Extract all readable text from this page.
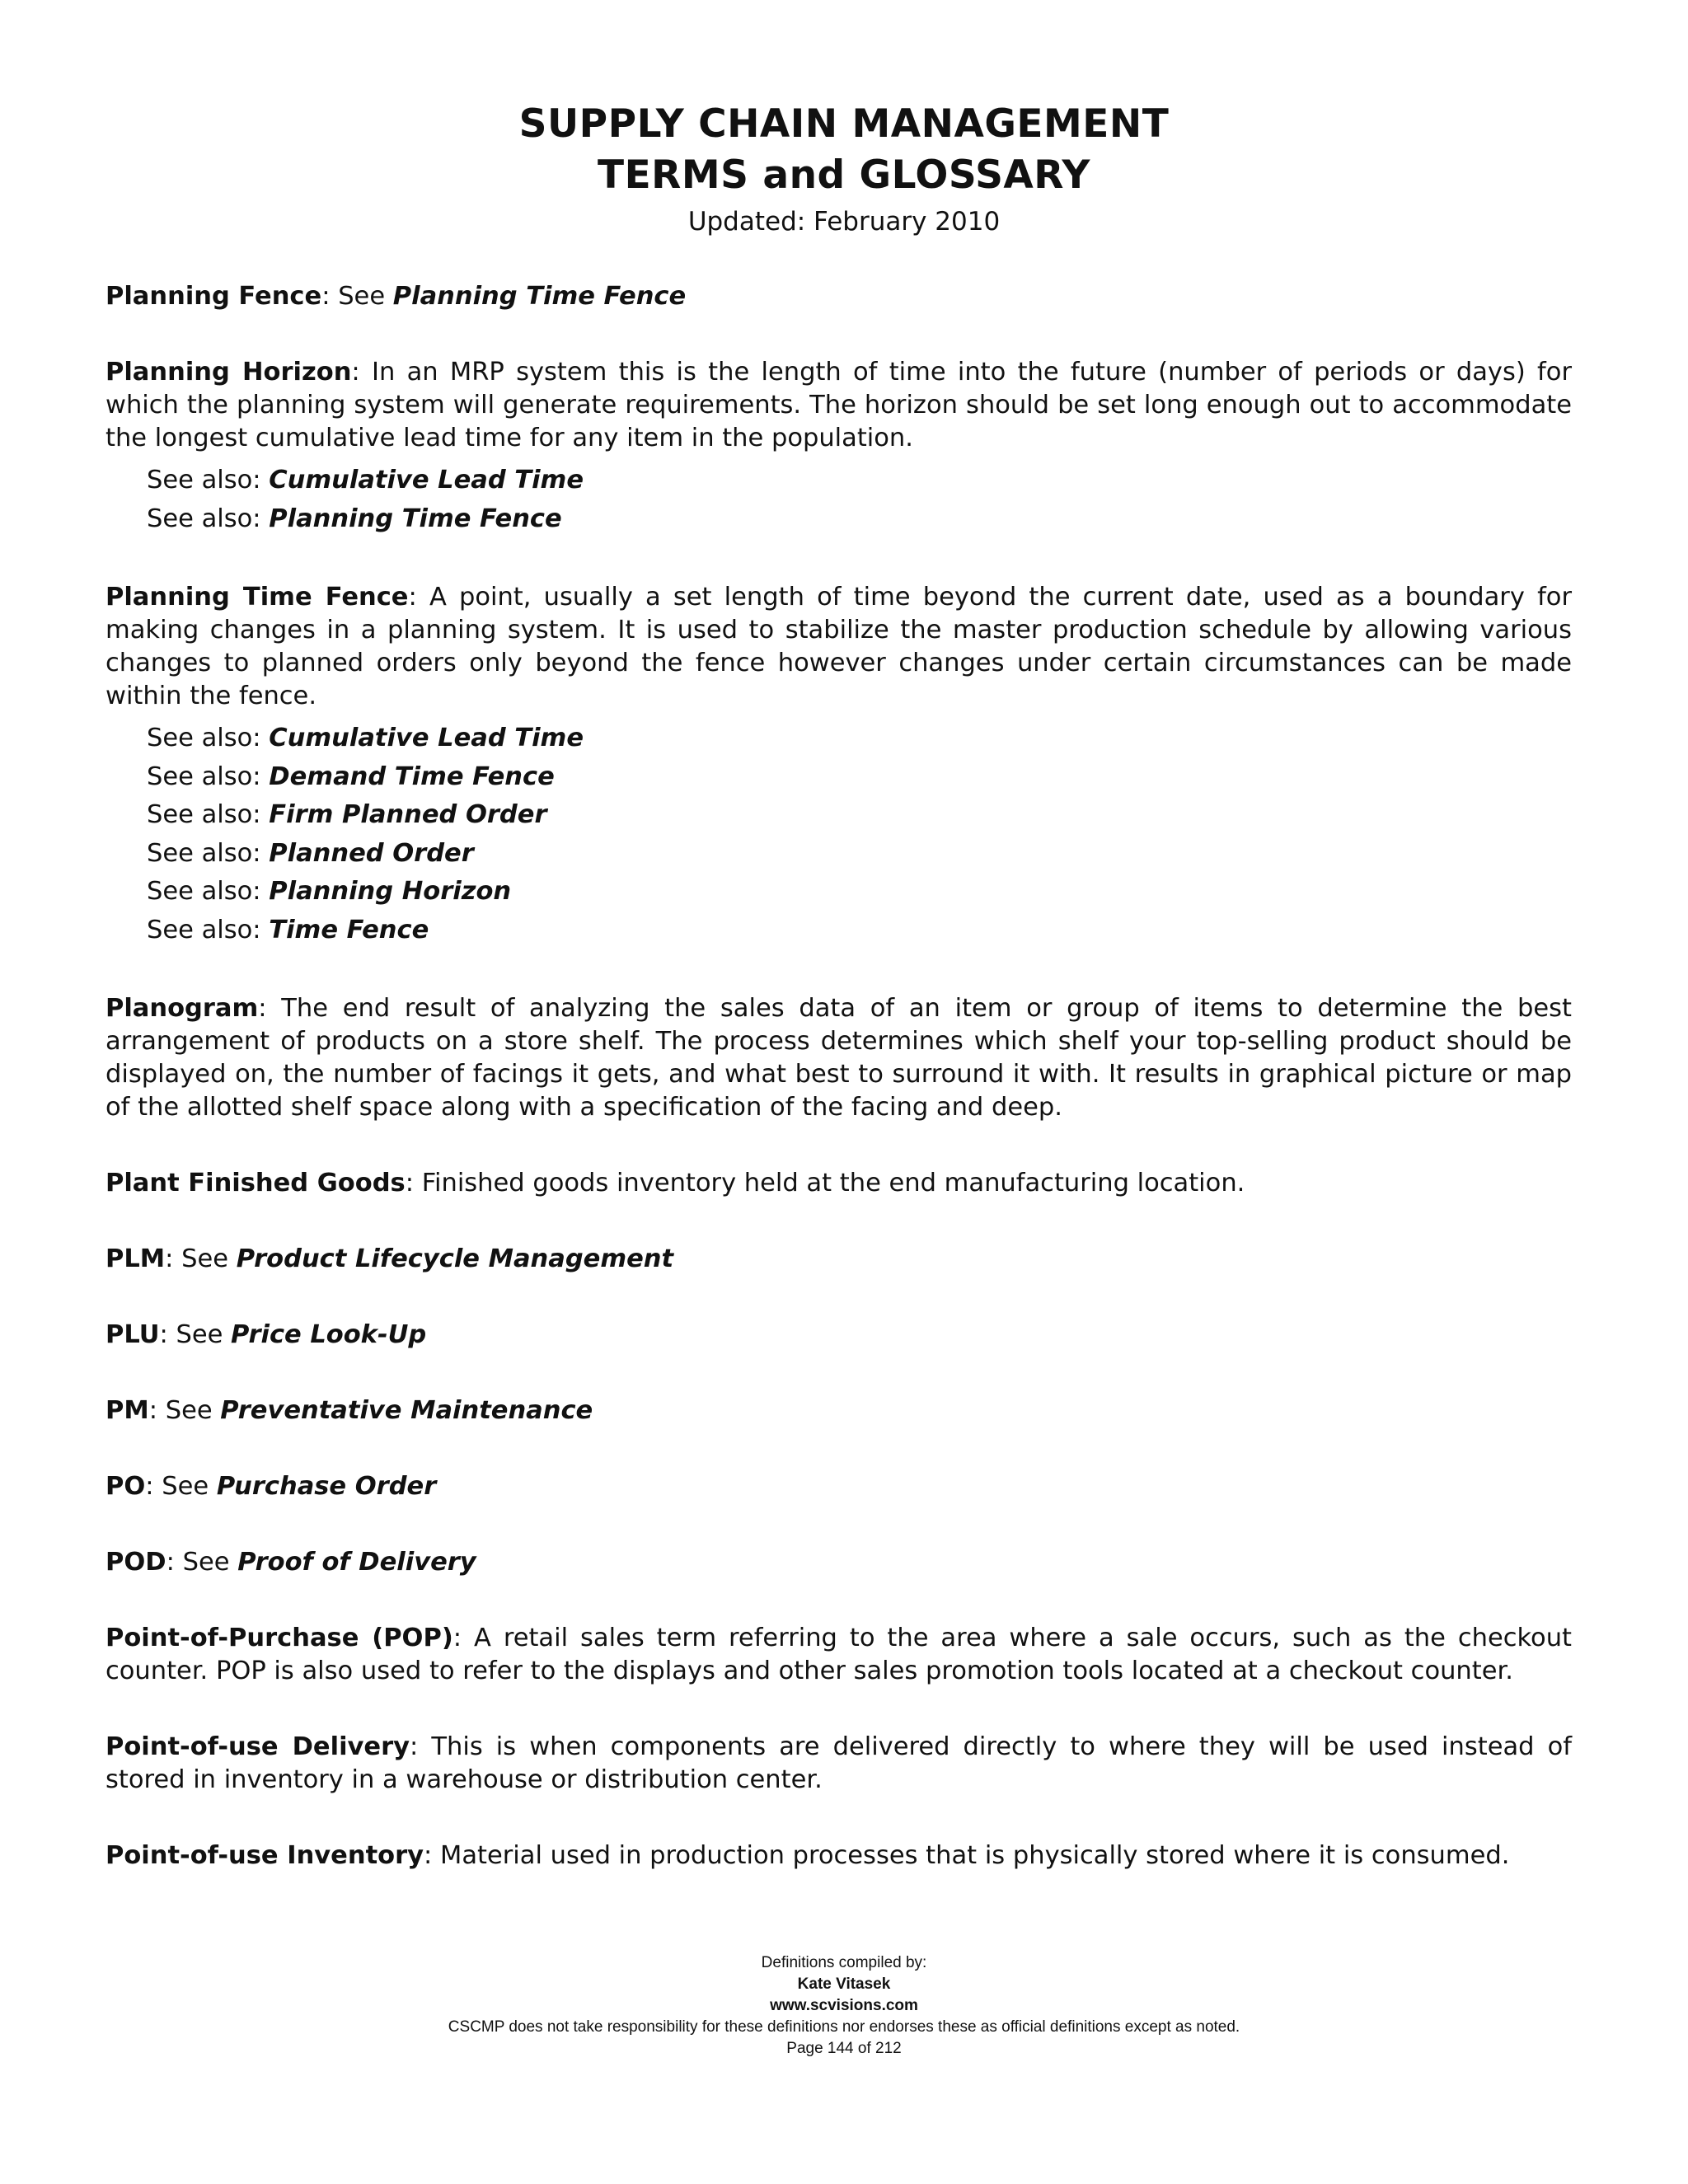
SUPPLY CHAIN MANAGEMENT
TERMS and GLOSSARY
Updated: February 2010
Planning Fence: See Planning Time Fence
Planning Horizon: In an MRP system this is the length of time into the future (number of periods or days) for which the planning system will generate requirements. The horizon should be set long enough out to accommodate the longest cumulative lead time for any item in the population.
See also: Cumulative Lead Time
See also: Planning Time Fence
Planning Time Fence: A point, usually a set length of time beyond the current date, used as a boundary for making changes in a planning system. It is used to stabilize the master production schedule by allowing various changes to planned orders only beyond the fence however changes under certain circumstances can be made within the fence.
See also: Cumulative Lead Time
See also: Demand Time Fence
See also: Firm Planned Order
See also: Planned Order
See also: Planning Horizon
See also: Time Fence
Planogram: The end result of analyzing the sales data of an item or group of items to determine the best arrangement of products on a store shelf. The process determines which shelf your top-selling product should be displayed on, the number of facings it gets, and what best to surround it with. It results in graphical picture or map of the allotted shelf space along with a specification of the facing and deep.
Plant Finished Goods: Finished goods inventory held at the end manufacturing location.
PLM: See Product Lifecycle Management
PLU: See Price Look-Up
PM: See Preventative Maintenance
PO: See Purchase Order
POD: See Proof of Delivery
Point-of-Purchase (POP): A retail sales term referring to the area where a sale occurs, such as the checkout counter. POP is also used to refer to the displays and other sales promotion tools located at a checkout counter.
Point-of-use Delivery: This is when components are delivered directly to where they will be used instead of stored in inventory in a warehouse or distribution center.
Point-of-use Inventory: Material used in production processes that is physically stored where it is consumed.
Definitions compiled by:
Kate Vitasek
www.scvisions.com
CSCMP does not take responsibility for these definitions nor endorses these as official definitions except as noted.
Page 144 of 212
